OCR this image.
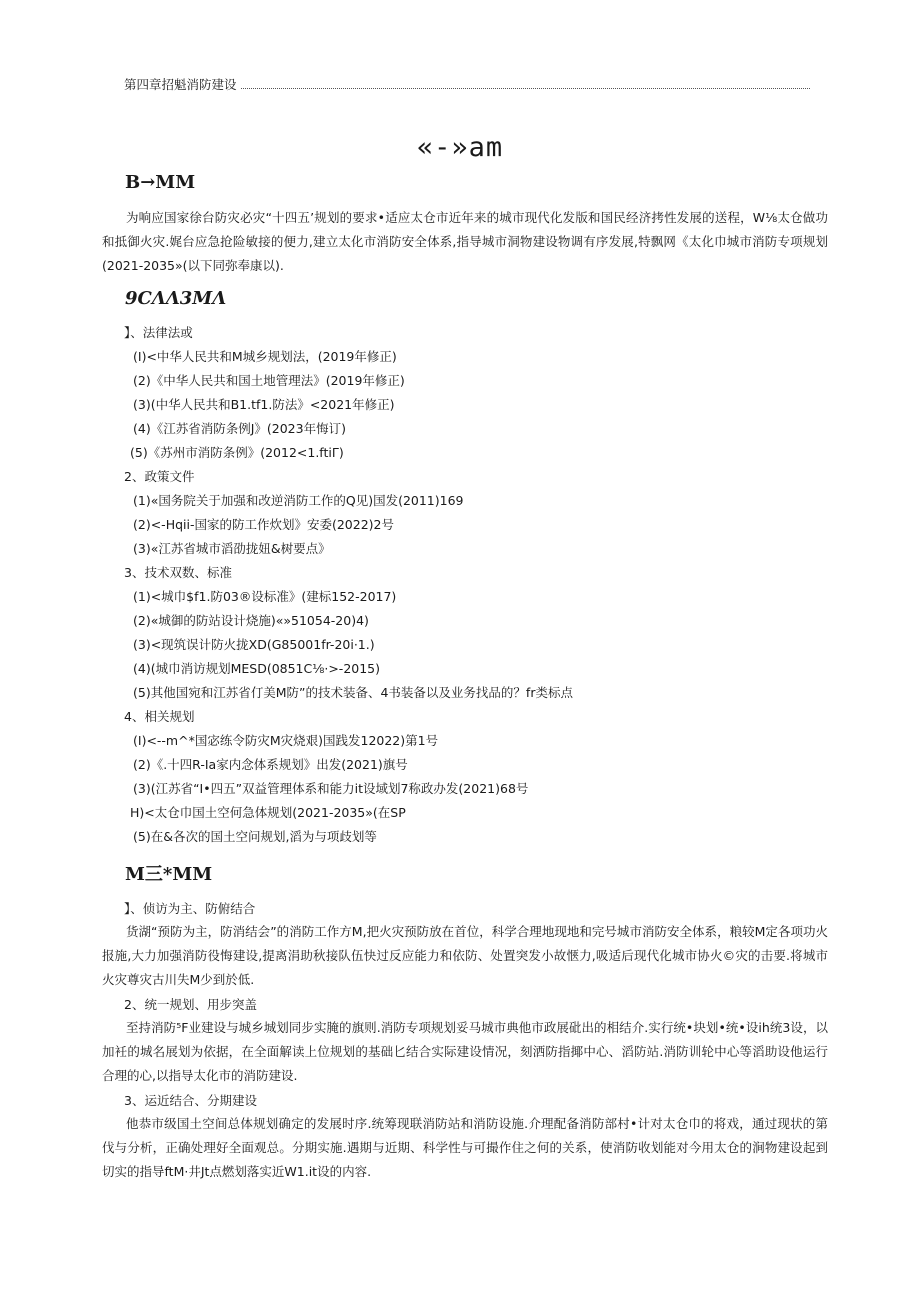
第四章招魁消防建设
«-»am
B→MM
为响应国家徐台防灾必灾“十四五’规划的要求•适应太仓市近年来的城市现代化发版和国民经济拷性发展的送程，W⅛太仓做功和抵御火灾.娓台应急抢险敏接的便力,建立太化市消防安全体系,指导城市洞物建设物调有序发展,特飘网《太化巾城市消防专项规划(2021-2035»(以下同弥奉康以).
9CΛΛ3MΛ
】、法律法或
(I)<中华人民共和M城乡规划法，(2019年修正)
(2)《中华人民共和国土地管理法》(2019年修正)
(3)(中华人民共和B1.tf1.防法》<2021年修正)
(4)《江苏省消防条例J》(2023年悔订)
(5)《苏州市消防条例》(2012<1.ftiΓ)
2、政策文件
(1)«国务院关于加强和改逆消防工作的Q见)国发(2011)169
(2)<-Hqii-国家的防工作炊划》安委(2022)2号
(3)«江苏省城市滔劭拢妞&树要点》
3、技术双数、标准
(1)<城巾$f1.防03®设标准》(建标152-2017)
(2)«城御的防站设计烧施)«»51054-20)4)
(3)<现筑误计防火拢XD(G85001fr-20i·1.)
(4)(城巾消访规划MESD(0851C⅛·>-2015)
(5)其他国宛和江苏省仃美M防”的技术装备、4书装备以及业务找品的？fr类标点
4、相关规划
(I)<--m^*国宓练令防灾M灾烧艰)国践发12022)第1号
(2)《.十四R-Ia家内念体系规划》出发(2021)旗号
(3)(江苏省“I•四五”双益管理体系和能力it设域划7称政办发(2021)68号
H)<太仓巾国土空何急体规划(2021-2035»(在SP
(5)在&各次的国土空问规划,滔为与项歧划等
M三*MM
】、侦访为主、防俯结合
货湖“预防为主，防消结会”的消防工作方M,把火灾预防放在首位，科学合理地现地和完号城市消防安全体系，粮较M定各项功火报施,大力加强消防役悔建设,提离涓助秋接队伍快过反应能力和依防、处置突发小故惬力,吸适后现代化城市协火©灾的击要.将城市火灾尊灾古川失M少到於低.
2、统一规划、用步突盖
至持消防⁵F业建设与城乡城划同步实腌的旗则.消防专项规划妥马城市典他市政展砒出的相结介.实行统•块划•统•设ih统3设，以加衽的城名展划为依据，在全面解读上位规划的基础匕结合实际建设情况，刻洒防指揶中心、滔防站.消防训轮中心等滔助设他运行合理的心,以指导太化市的消防建设.
3、运近结合、分期建设
他恭市级国土空间总体规划确定的发展时序.统筹现联消防站和消防设施.介理配备消防部村•计对太仓巾的将戏，通过现状的第伐与分析，正确处理好全面观总。分期实施.遇期与近期、科学性与可撮作住之何的关系，使消防收划能对今用太仓的涧物建设起到切实的指导ftM·井Jt点燃划落实近W1.it设的内容.
